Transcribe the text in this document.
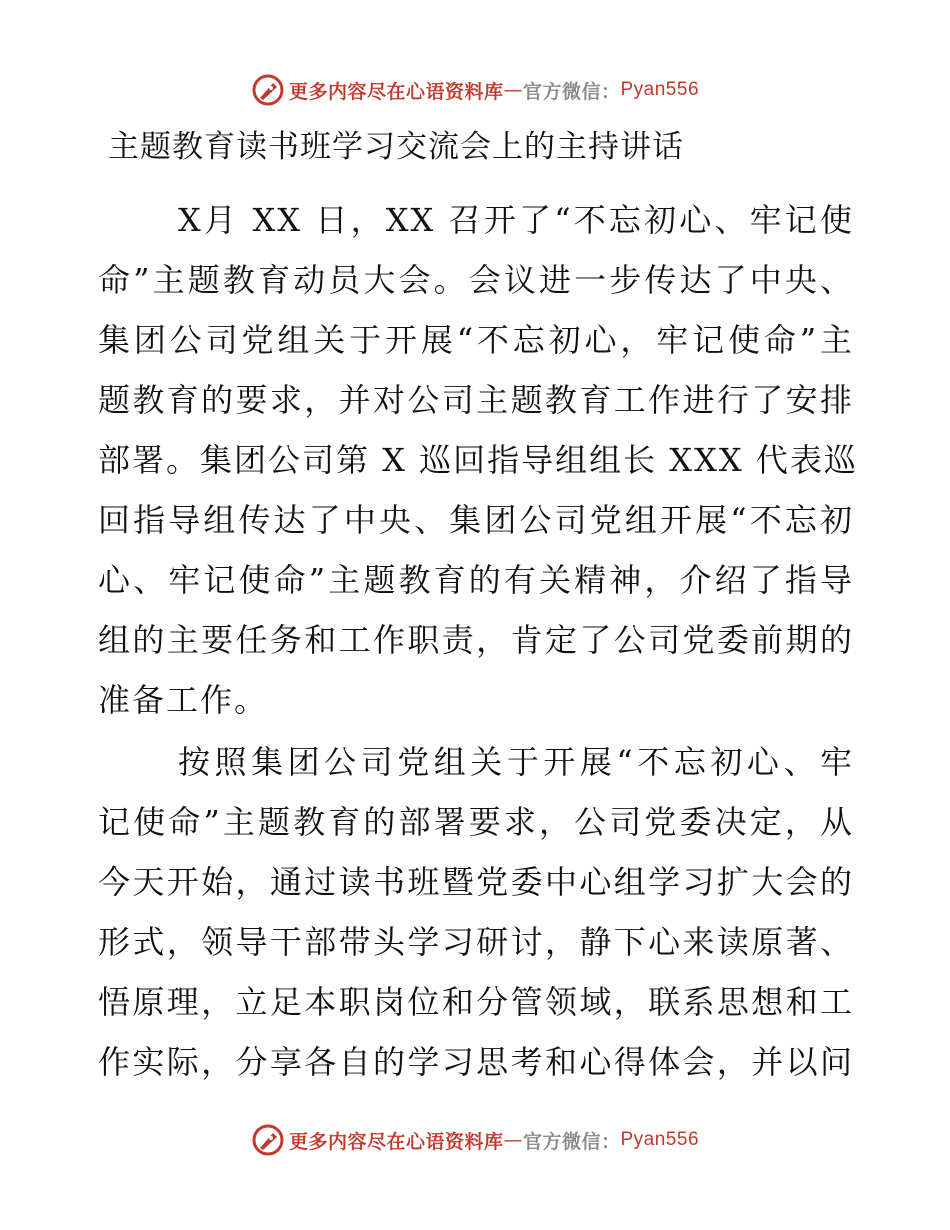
更多内容尽在心语资料库 — 官方微信： Pyan556
主题教育读书班学习交流会上的主持讲话
X月 XX 日，XX 召开了“不忘初心、牢记使
命”主题教育动员大会。会议进一步传达了中央、
集团公司党组关于开展“不忘初心，牢记使命”主
题教育的要求，并对公司主题教育工作进行了安排
部署。集团公司第 X 巡回指导组组长 XXX 代表巡
回指导组传达了中央、集团公司党组开展“不忘初
心、牢记使命”主题教育的有关精神，介绍了指导
组的主要任务和工作职责，肯定了公司党委前期的
准备工作。
按照集团公司党组关于开展“不忘初心、牢
记使命”主题教育的部署要求，公司党委决定，从
今天开始，通过读书班暨党委中心组学习扩大会的
形式，领导干部带头学习研讨，静下心来读原著、
悟原理，立足本职岗位和分管领域，联系思想和工
作实际，分享各自的学习思考和心得体会，并以问
更多内容尽在心语资料库 — 官方微信： Pyan556
